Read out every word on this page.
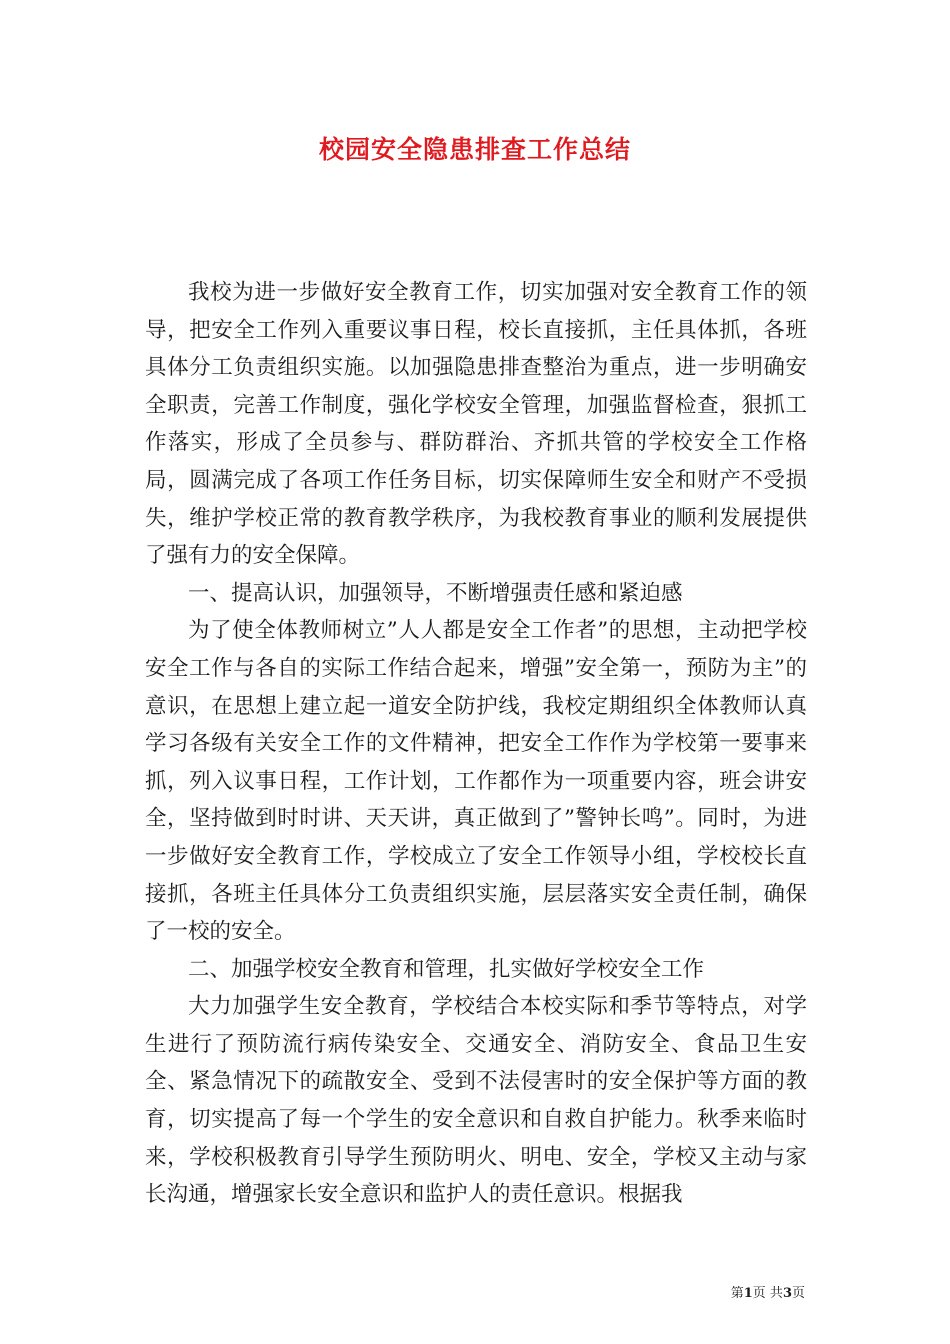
校园安全隐患排查工作总结

我校为进一步做好安全教育工作，切实加强对安全教育工作的领导，把安全工作列入重要议事日程，校长直接抓，主任具体抓，各班具体分工负责组织实施。以加强隐患排查整治为重点，进一步明确安全职责，完善工作制度，强化学校安全管理，加强监督检查，狠抓工作落实，形成了全员参与、群防群治、齐抓共管的学校安全工作格局，圆满完成了各项工作任务目标，切实保障师生安全和财产不受损失，维护学校正常的教育教学秩序，为我校教育事业的顺利发展提供了强有力的安全保障。

一、提高认识，加强领导，不断增强责任感和紧迫感

为了使全体教师树立”人人都是安全工作者”的思想，主动把学校安全工作与各自的实际工作结合起来，增强”安全第一，预防为主”的意识，在思想上建立起一道安全防护线，我校定期组织全体教师认真学习各级有关安全工作的文件精神，把安全工作作为学校第一要事来抓，列入议事日程，工作计划，工作都作为一项重要内容，班会讲安全，坚持做到时时讲、天天讲，真正做到了”警钟长鸣”。同时，为进一步做好安全教育工作，学校成立了安全工作领导小组，学校校长直接抓，各班主任具体分工负责组织实施，层层落实安全责任制，确保了一校的安全。

二、加强学校安全教育和管理，扎实做好学校安全工作

大力加强学生安全教育，学校结合本校实际和季节等特点，对学生进行了预防流行病传染安全、交通安全、消防安全、食品卫生安全、紧急情况下的疏散安全、受到不法侵害时的安全保护等方面的教育，切实提高了每一个学生的安全意识和自救自护能力。秋季来临时来，学校积极教育引导学生预防明火、明电、安全，学校又主动与家长沟通，增强家长安全意识和监护人的责任意识。根据我

第1页 共3页
